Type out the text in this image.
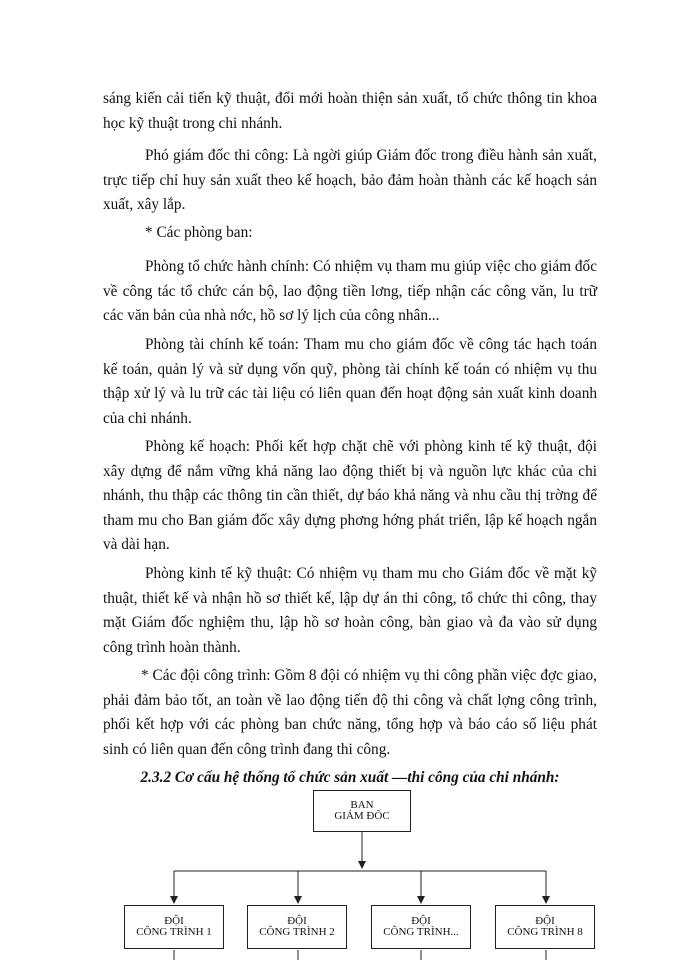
sáng kiến cải tiến kỹ thuật, đổi mới hoàn thiện sản xuất, tổ chức thông tin khoa học kỹ thuật trong chi nhánh.

Phó giám đốc thi công: Là ngời giúp Giám đốc trong điều hành sản xuất, trực tiếp chỉ huy sản xuất theo kế hoạch, bảo đảm hoàn thành các kế hoạch sản xuất, xây lắp.

* Các phòng ban:

Phòng tổ chức hành chính: Có nhiệm vụ tham mu giúp việc cho giám đốc về công tác tổ chức cán bộ, lao động tiền lơng, tiếp nhận các công văn, lu trữ các văn bản của nhà nớc, hồ sơ lý lịch của công nhân...

Phòng tài chính kế toán: Tham mu cho giám đốc về công tác hạch toán kế toán, quản lý và sử dụng vốn quỹ, phòng tài chính kế toán có nhiệm vụ thu thập xử lý và lu trữ các tài liệu có liên quan đến hoạt động sản xuất kinh doanh của chi nhánh.

Phòng kế hoạch: Phối kết hợp chặt chẽ với phòng kinh tế kỹ thuật, đội xây dựng để nắm vững khả năng lao động thiết bị và nguồn lực khác của chi nhánh, thu thập các thông tin cần thiết, dự báo khả năng và nhu cầu thị trờng để tham mu cho Ban giám đốc xây dựng phơng hớng phát triển, lập kế hoạch ngắn và dài hạn.

Phòng kinh tế kỹ thuật: Có nhiệm vụ tham mu cho Giám đốc về mặt kỹ thuật, thiết kế và nhận hồ sơ thiết kế, lập dự án thi công, tổ chức thi công, thay mặt Giám đốc nghiệm thu, lập hồ sơ hoàn công, bàn giao và đa vào sử dụng công trình hoàn thành.

* Các đội công trình: Gồm 8 đội có nhiệm vụ thi công phần việc đợc giao, phải đảm bảo tốt, an toàn về lao động tiến độ thi công và chất lợng công trình, phối kết hợp với các phòng ban chức năng, tổng hợp và báo cáo số liệu phát sinh có liên quan đến công trình đang thi công.

2.3.2 Cơ cấu hệ thống tổ chức sản xuất —thi công của chi nhánh:

BAN
GIÁM ĐỐC
ĐỘI
CÔNG TRÌNH 1
ĐỘI
CÔNG TRÌNH 2
ĐỘI
CÔNG TRÌNH...
ĐỘI
CÔNG TRÌNH 8
